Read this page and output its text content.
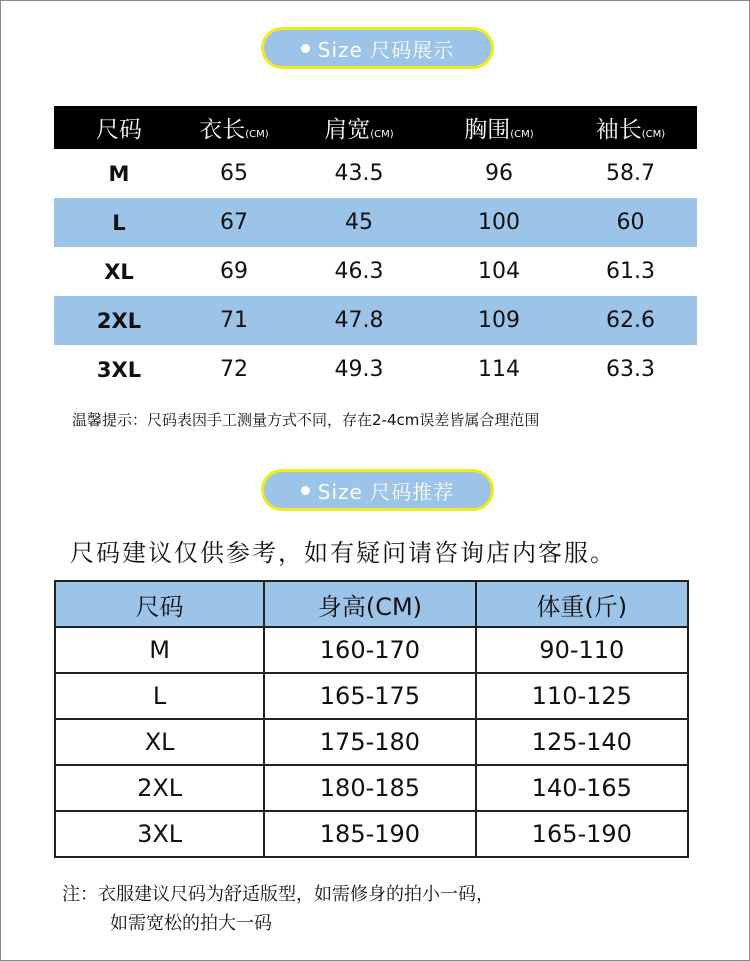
Size 尺码展示
尺码	衣长(CM)	肩宽(CM)	胸围(CM)	袖长(CM)
M	65	43.5	96	58.7
L	67	45	100	60
XL	69	46.3	104	61.3
2XL	71	47.8	109	62.6
3XL	72	49.3	114	63.3
温馨提示：尺码表因手工测量方式不同，存在2-4cm误差皆属合理范围
Size 尺码推荐
尺码建议仅供参考，如有疑问请咨询店内客服。
尺码	身高(CM)	体重(斤)
M	160-170	90-110
L	165-175	110-125
XL	175-180	125-140
2XL	180-185	140-165
3XL	185-190	165-190
注：衣服建议尺码为舒适版型，如需修身的拍小一码，
如需宽松的拍大一码
